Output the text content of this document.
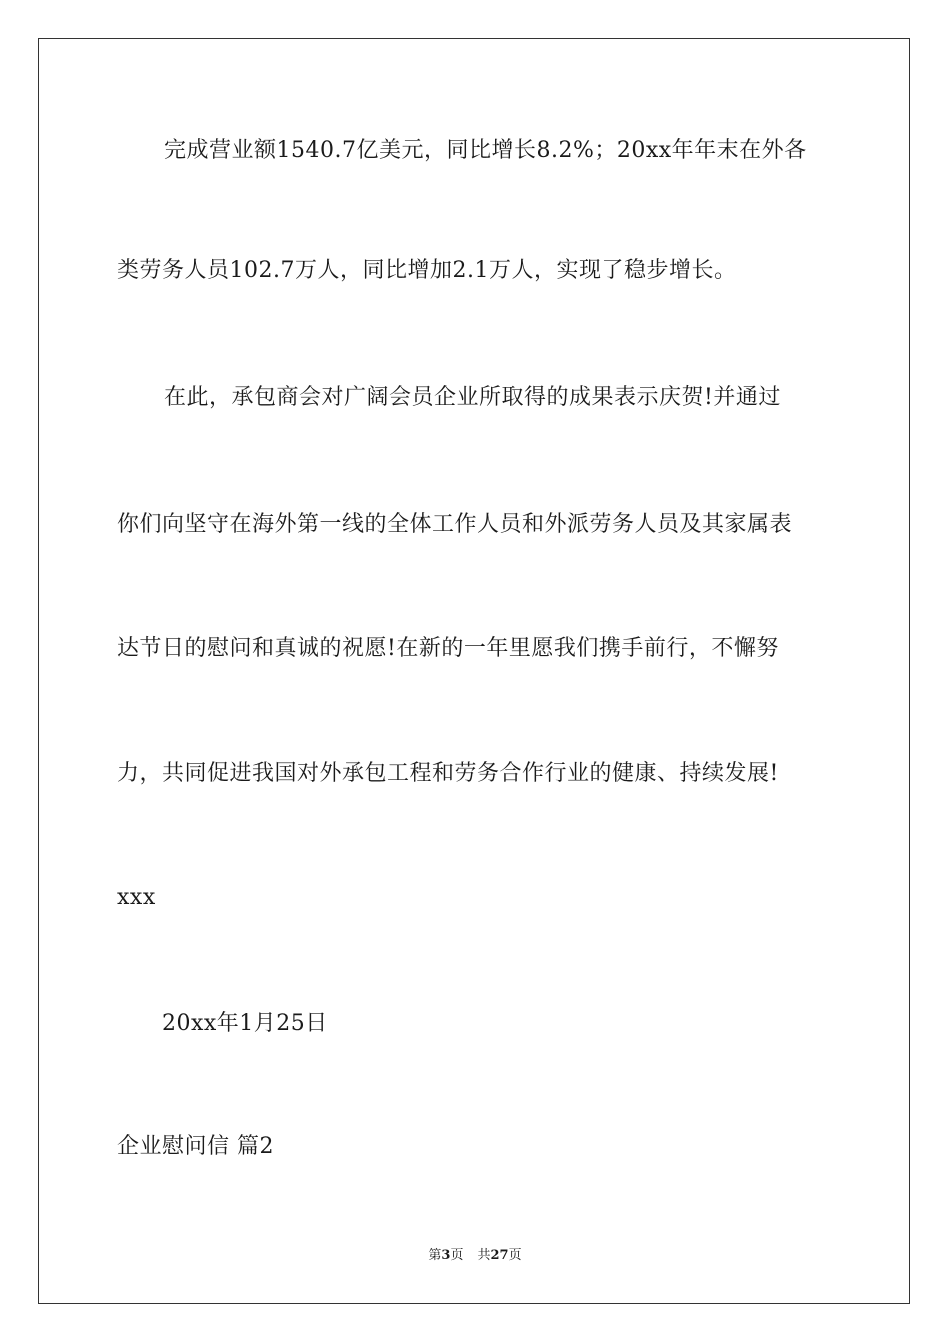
完成营业额1540.7亿美元，同比增长8.2%；20xx年年末在外各
类劳务人员102.7万人，同比增加2.1万人，实现了稳步增长。
在此，承包商会对广阔会员企业所取得的成果表示庆贺!并通过
你们向坚守在海外第一线的全体工作人员和外派劳务人员及其家属表
达节日的慰问和真诚的祝愿!在新的一年里愿我们携手前行，不懈努
力，共同促进我国对外承包工程和劳务合作行业的健康、持续发展!
xxx
20xx年1月25日
企业慰问信 篇2
第3页 共27页
